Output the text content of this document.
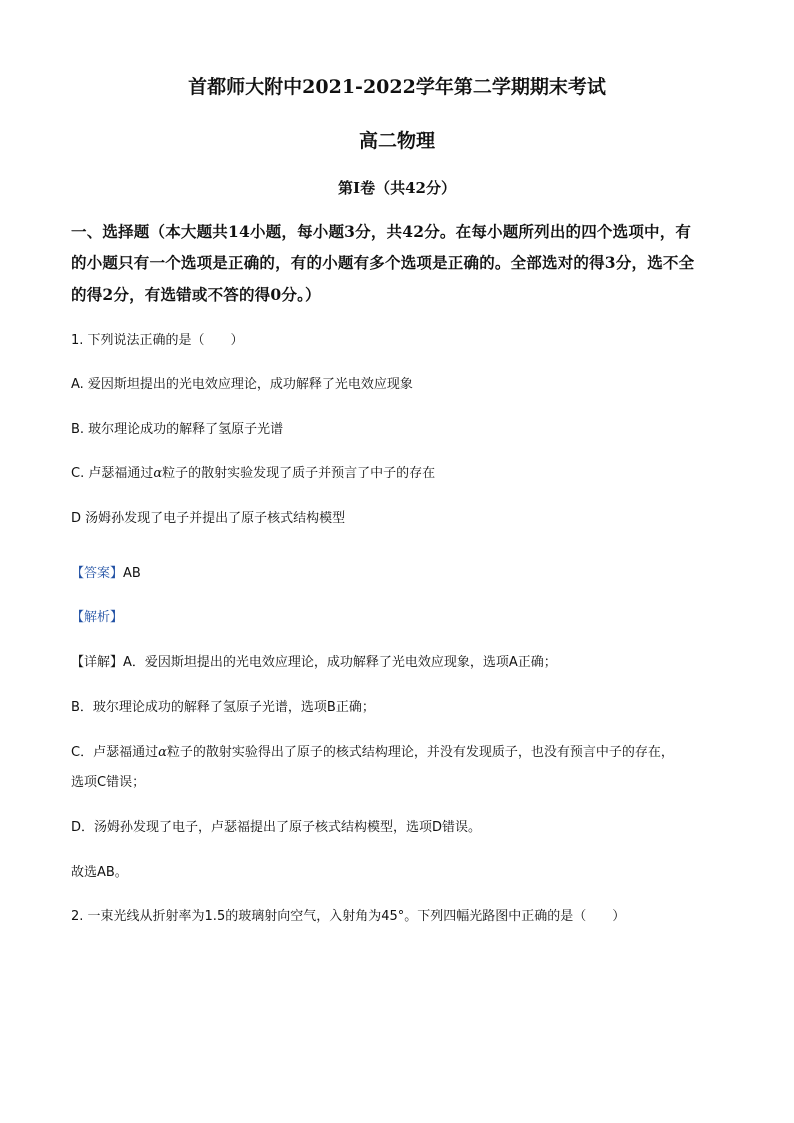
首都师大附中2021-2022学年第二学期期末考试
高二物理
第I卷（共42分）
一、选择题（本大题共14小题，每小题3分，共42分。在每小题所列出的四个选项中，有
的小题只有一个选项是正确的，有的小题有多个选项是正确的。全部选对的得3分，选不全
的得2分，有选错或不答的得0分。）
1. 下列说法正确的是（　　）
A. 爱因斯坦提出的光电效应理论，成功解释了光电效应现象
B. 玻尔理论成功的解释了氢原子光谱
C. 卢瑟福通过α粒子的散射实验发现了质子并预言了中子的存在
D 汤姆孙发现了电子并提出了原子核式结构模型
【答案】AB
【解析】
【详解】A．爱因斯坦提出的光电效应理论，成功解释了光电效应现象，选项A正确；
B．玻尔理论成功的解释了氢原子光谱，选项B正确；
C．卢瑟福通过α粒子的散射实验得出了原子的核式结构理论，并没有发现质子，也没有预言中子的存在，
选项C错误；
D．汤姆孙发现了电子，卢瑟福提出了原子核式结构模型，选项D错误。
故选AB。
2. 一束光线从折射率为1.5的玻璃射向空气，入射角为45°。下列四幅光路图中正确的是（　　）
